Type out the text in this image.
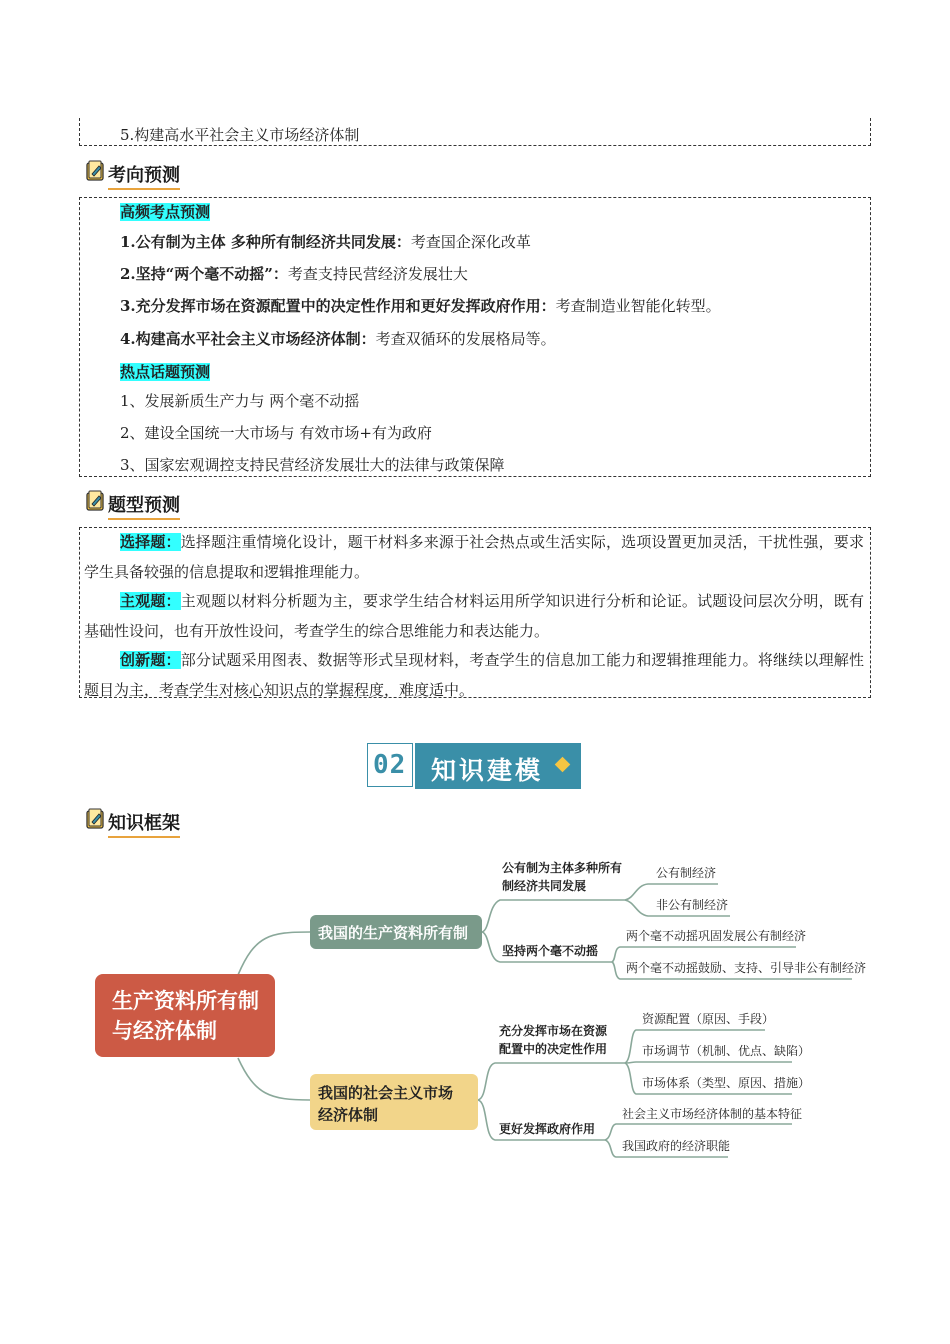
5.构建高水平社会主义市场经济体制
考向预测
高频考点预测
1.公有制为主体 多种所有制经济共同发展：考查国企深化改革
2.坚持“两个毫不动摇”：考查支持民营经济发展壮大
3.充分发挥市场在资源配置中的决定性作用和更好发挥政府作用：考查制造业智能化转型。
4.构建高水平社会主义市场经济体制：考查双循环的发展格局等。
热点话题预测
1、发展新质生产力与 两个毫不动摇
2、建设全国统一大市场与 有效市场+有为政府
3、国家宏观调控支持民营经济发展壮大的法律与政策保障
题型预测
选择题：选择题注重情境化设计，题干材料多来源于社会热点或生活实际，选项设置更加灵活，干扰性强，要求学生具备较强的信息提取和逻辑推理能力。
主观题：主观题以材料分析题为主，要求学生结合材料运用所学知识进行分析和论证。试题设问层次分明，既有基础性设问，也有开放性设问，考查学生的综合思维能力和表达能力。
创新题：部分试题采用图表、数据等形式呈现材料，考查学生的信息加工能力和逻辑推理能力。将继续以理解性题目为主，考查学生对核心知识点的掌握程度，难度适中。
02 知识建模
知识框架
生产资料所有制
与经济体制
我国的生产资料所有制
公有制为主体多种所有
制经济共同发展
公有制经济
非公有制经济
坚持两个毫不动摇
两个毫不动摇巩固发展公有制经济
两个毫不动摇鼓励、支持、引导非公有制经济
我国的社会主义市场
经济体制
充分发挥市场在资源
配置中的决定性作用
资源配置（原因、手段）
市场调节（机制、优点、缺陷）
市场体系（类型、原因、措施）
更好发挥政府作用
社会主义市场经济体制的基本特征
我国政府的经济职能
